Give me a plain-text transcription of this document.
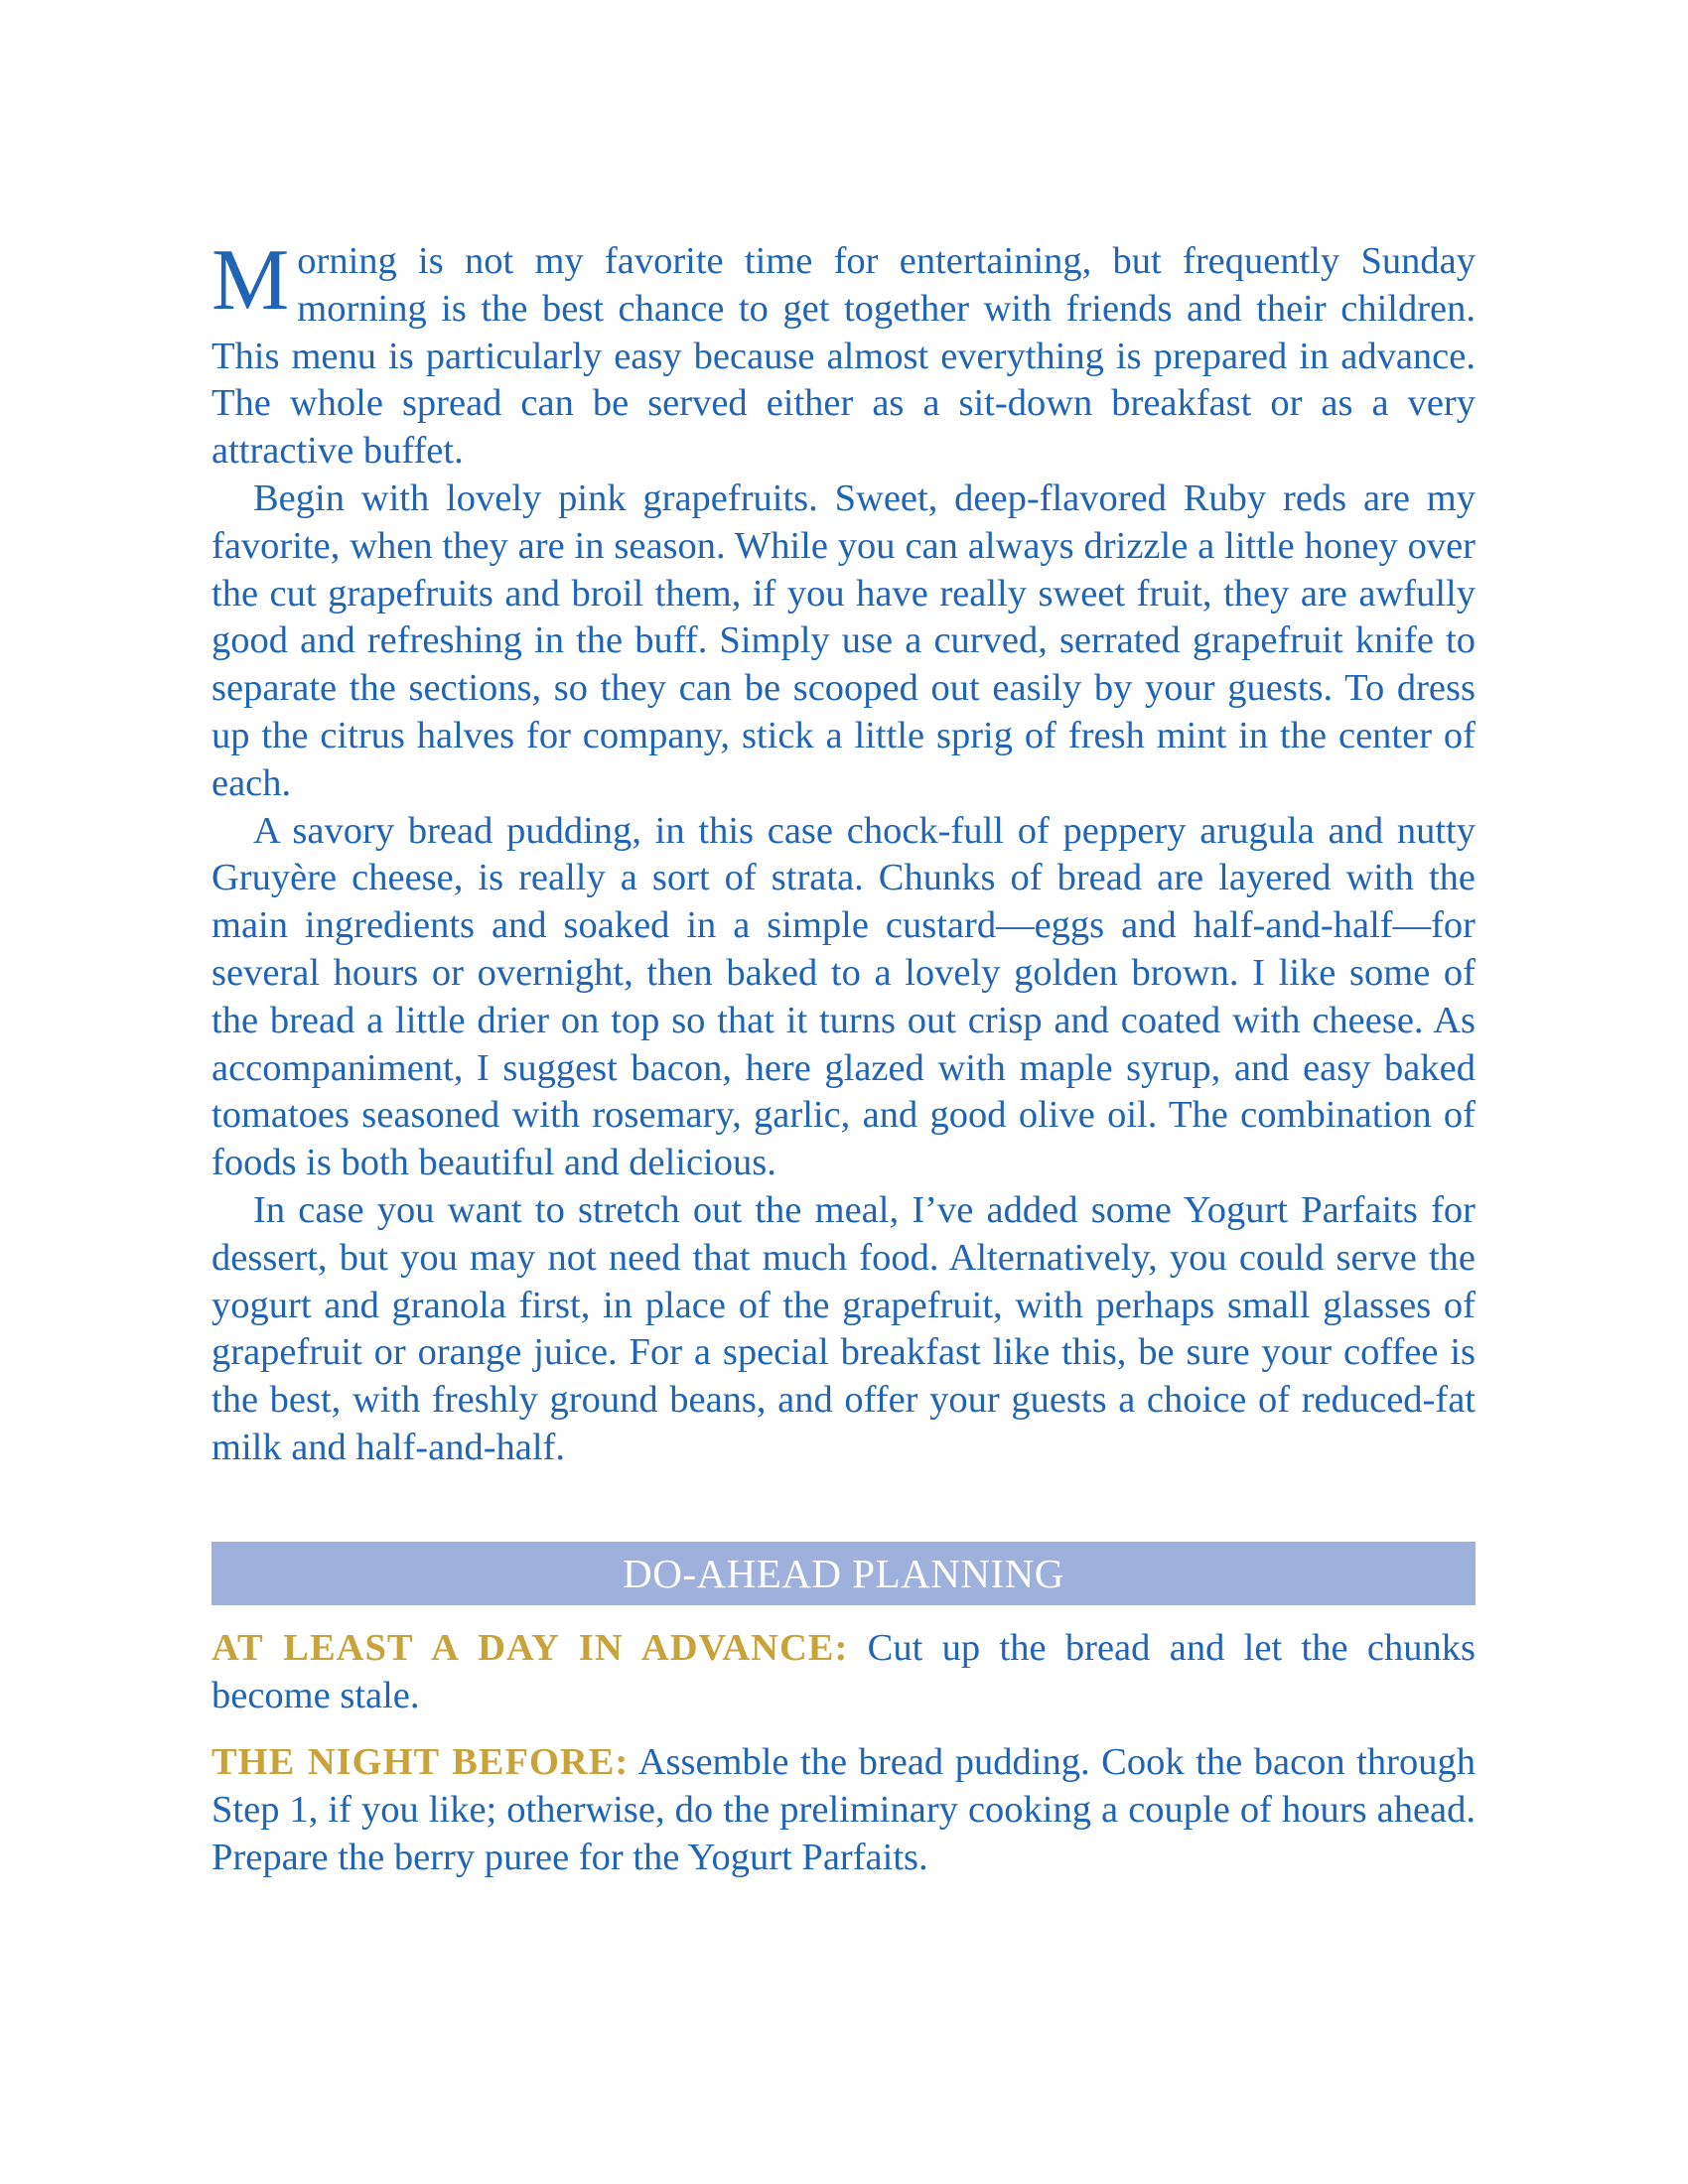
Morning is not my favorite time for entertaining, but frequently Sunday morning is the best chance to get together with friends and their children. This menu is particularly easy because almost everything is prepared in advance. The whole spread can be served either as a sit-down breakfast or as a very attractive buffet.

Begin with lovely pink grapefruits. Sweet, deep-flavored Ruby reds are my favorite, when they are in season. While you can always drizzle a little honey over the cut grapefruits and broil them, if you have really sweet fruit, they are awfully good and refreshing in the buff. Simply use a curved, serrated grapefruit knife to separate the sections, so they can be scooped out easily by your guests. To dress up the citrus halves for company, stick a little sprig of fresh mint in the center of each.

A savory bread pudding, in this case chock-full of peppery arugula and nutty Gruyère cheese, is really a sort of strata. Chunks of bread are layered with the main ingredients and soaked in a simple custard—eggs and half-and-half—for several hours or overnight, then baked to a lovely golden brown. I like some of the bread a little drier on top so that it turns out crisp and coated with cheese. As accompaniment, I suggest bacon, here glazed with maple syrup, and easy baked tomatoes seasoned with rosemary, garlic, and good olive oil. The combination of foods is both beautiful and delicious.

In case you want to stretch out the meal, I’ve added some Yogurt Parfaits for dessert, but you may not need that much food. Alternatively, you could serve the yogurt and granola first, in place of the grapefruit, with perhaps small glasses of grapefruit or orange juice. For a special breakfast like this, be sure your coffee is the best, with freshly ground beans, and offer your guests a choice of reduced-fat milk and half-and-half.

DO-AHEAD PLANNING

AT LEAST A DAY IN ADVANCE: Cut up the bread and let the chunks become stale.

THE NIGHT BEFORE: Assemble the bread pudding. Cook the bacon through Step 1, if you like; otherwise, do the preliminary cooking a couple of hours ahead. Prepare the berry puree for the Yogurt Parfaits.
